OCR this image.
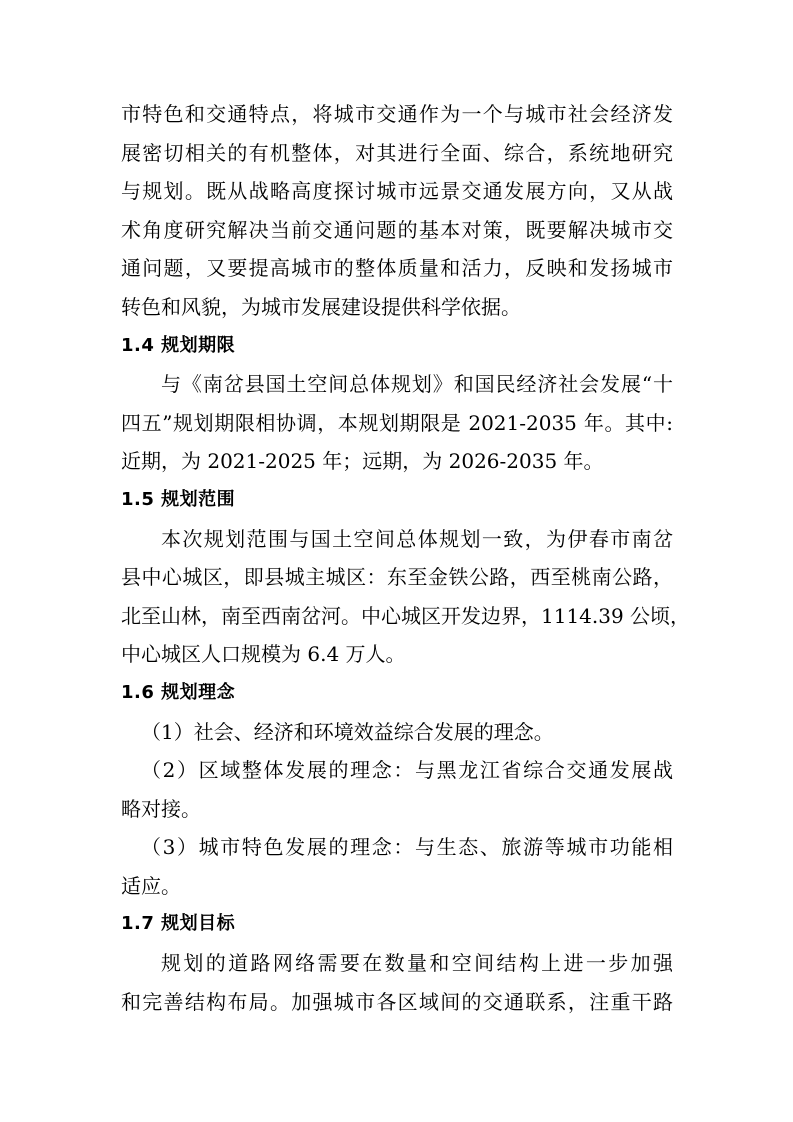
市特色和交通特点，将城市交通作为一个与城市社会经济发
展密切相关的有机整体，对其进行全面、综合，系统地研究
与规划。既从战略高度探讨城市远景交通发展方向，又从战
术角度研究解决当前交通问题的基本对策，既要解决城市交
通问题，又要提高城市的整体质量和活力，反映和发扬城市
转色和风貌，为城市发展建设提供科学依据。

1.4 规划期限

与《南岔县国土空间总体规划》和国民经济社会发展“十
四五”规划期限相协调，本规划期限是 2021-2035 年。其中:
近期，为 2021-2025 年；远期，为 2026-2035 年。

1.5 规划范围

本次规划范围与国土空间总体规划一致，为伊春市南岔
县中心城区，即县城主城区：东至金铁公路，西至桃南公路，
北至山林，南至西南岔河。中心城区开发边界，1114.39 公顷，
中心城区人口规模为 6.4 万人。

1.6 规划理念

（1）社会、经济和环境效益综合发展的理念。

（2）区域整体发展的理念：与黑龙江省综合交通发展战
略对接。

（3）城市特色发展的理念：与生态、旅游等城市功能相
适应。

1.7 规划目标

规划的道路网络需要在数量和空间结构上进一步加强
和完善结构布局。加强城市各区域间的交通联系，注重干路
